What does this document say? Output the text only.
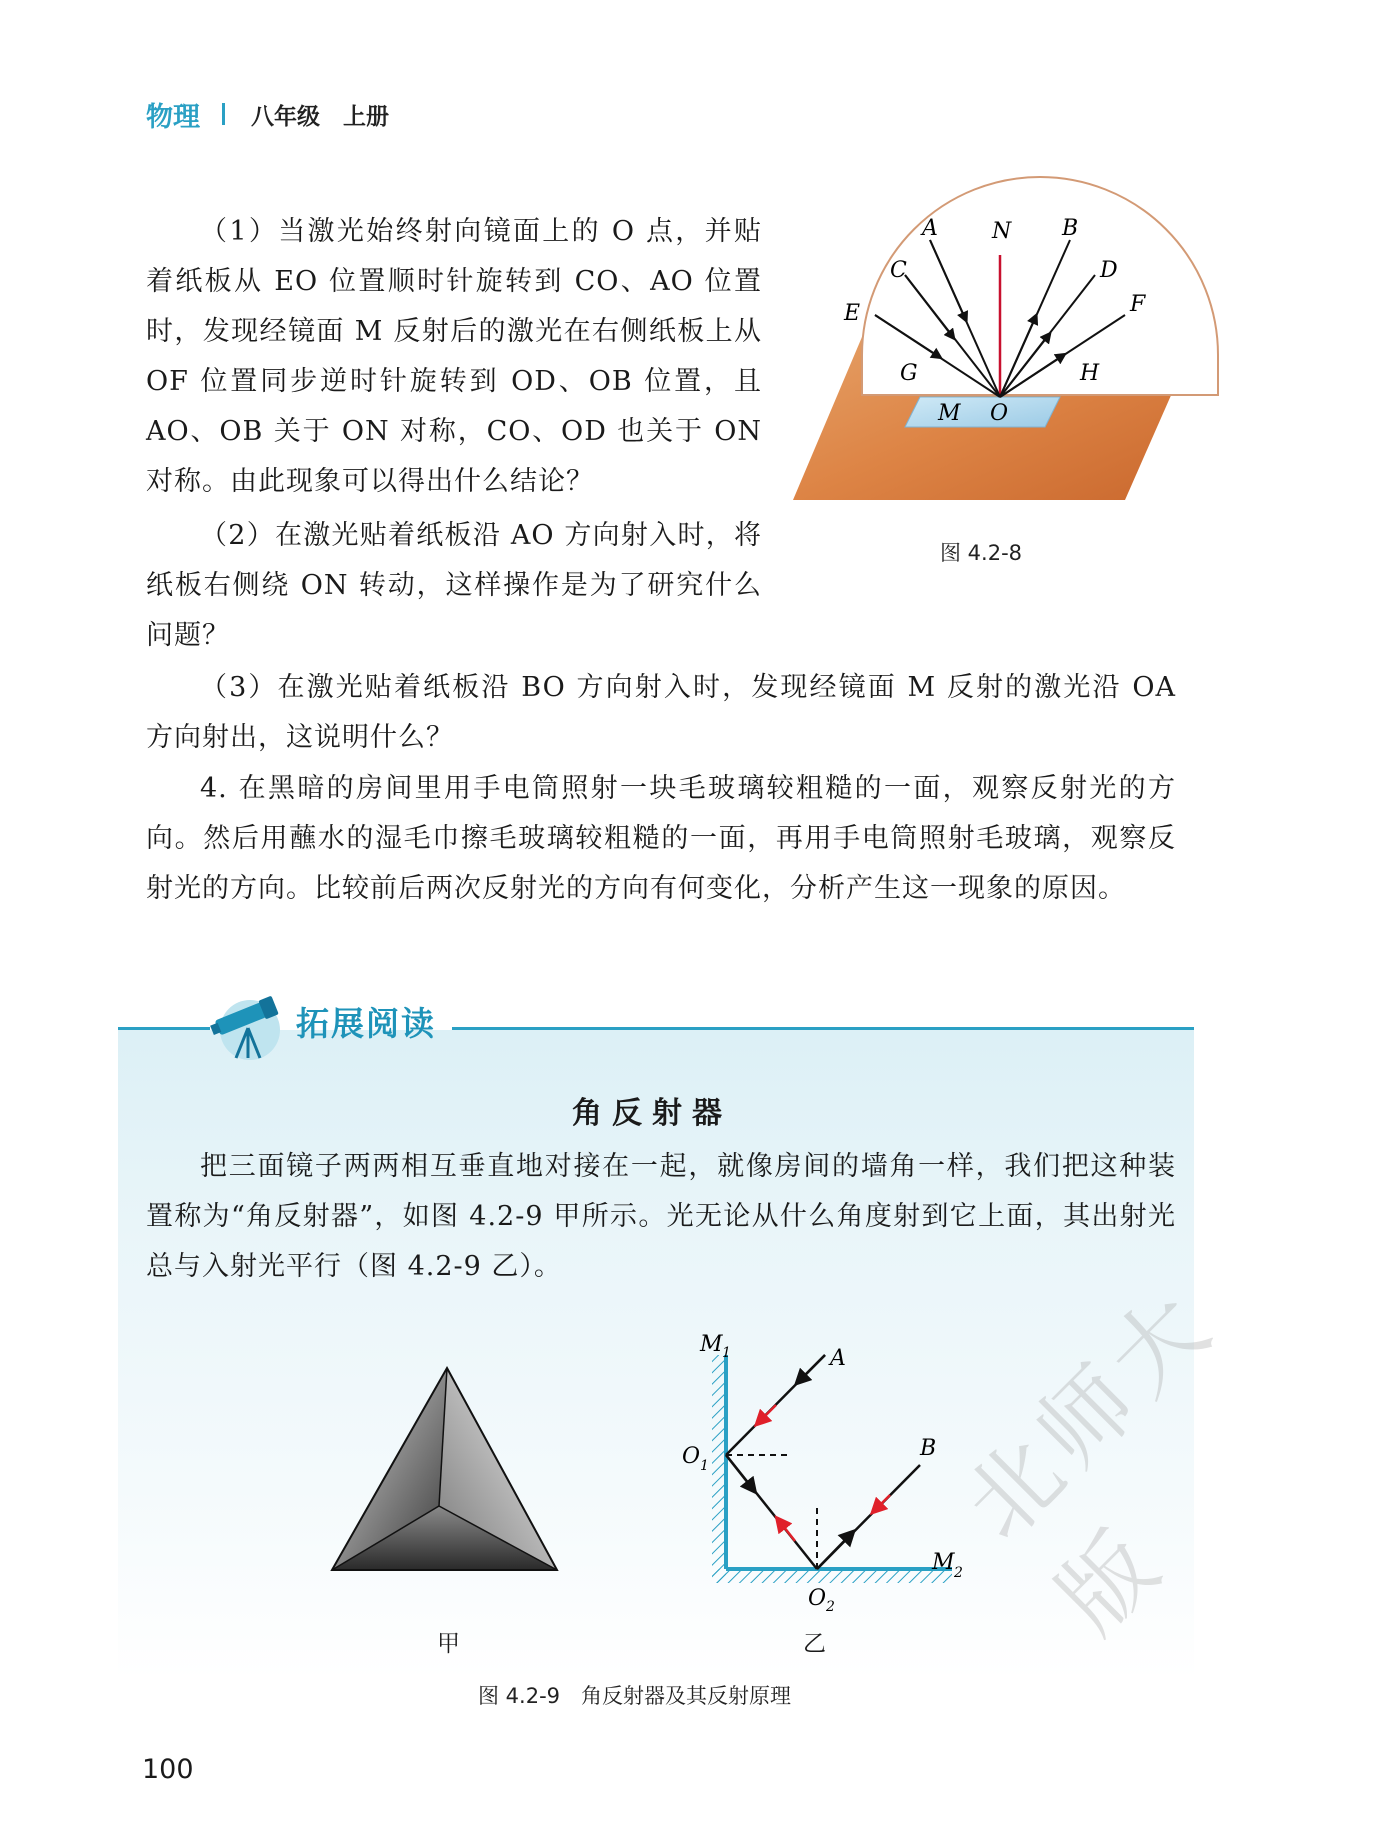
物理 八年级　上册

（1）当激光始终射向镜面上的 O 点，并贴着纸板从 EO 位置顺时针旋转到 CO、AO 位置时，发现经镜面 M 反射后的激光在右侧纸板上从 OF 位置同步逆时针旋转到 OD、OB 位置，且 AO、OB 关于 ON 对称，CO、OD 也关于 ON 对称。由此现象可以得出什么结论？

（2）在激光贴着纸板沿 AO 方向射入时，将纸板右侧绕 ON 转动，这样操作是为了研究什么问题？

（3）在激光贴着纸板沿 BO 方向射入时，发现经镜面 M 反射的激光沿 OA 方向射出，这说明什么？

4. 在黑暗的房间里用手电筒照射一块毛玻璃较粗糙的一面，观察反射光的方向。然后用蘸水的湿毛巾擦毛玻璃较粗糙的一面，再用手电筒照射毛玻璃，观察反射光的方向。比较前后两次反射光的方向有何变化，分析产生这一现象的原因。

A N B
C	D
E	F
G	H
M O
图 4.2-8
拓展阅读
角反射器

把三面镜子两两相互垂直地对接在一起，就像房间的墙角一样，我们把这种装置称为“角反射器”，如图 4.2-9 甲所示。光无论从什么角度射到它上面，其出射光总与入射光平行（图 4.2-9 乙）。

甲
M 1	A
B
O 1
O 2
M 2
乙
图 4.2-9　角反射器及其反射原理
100
北师大版
